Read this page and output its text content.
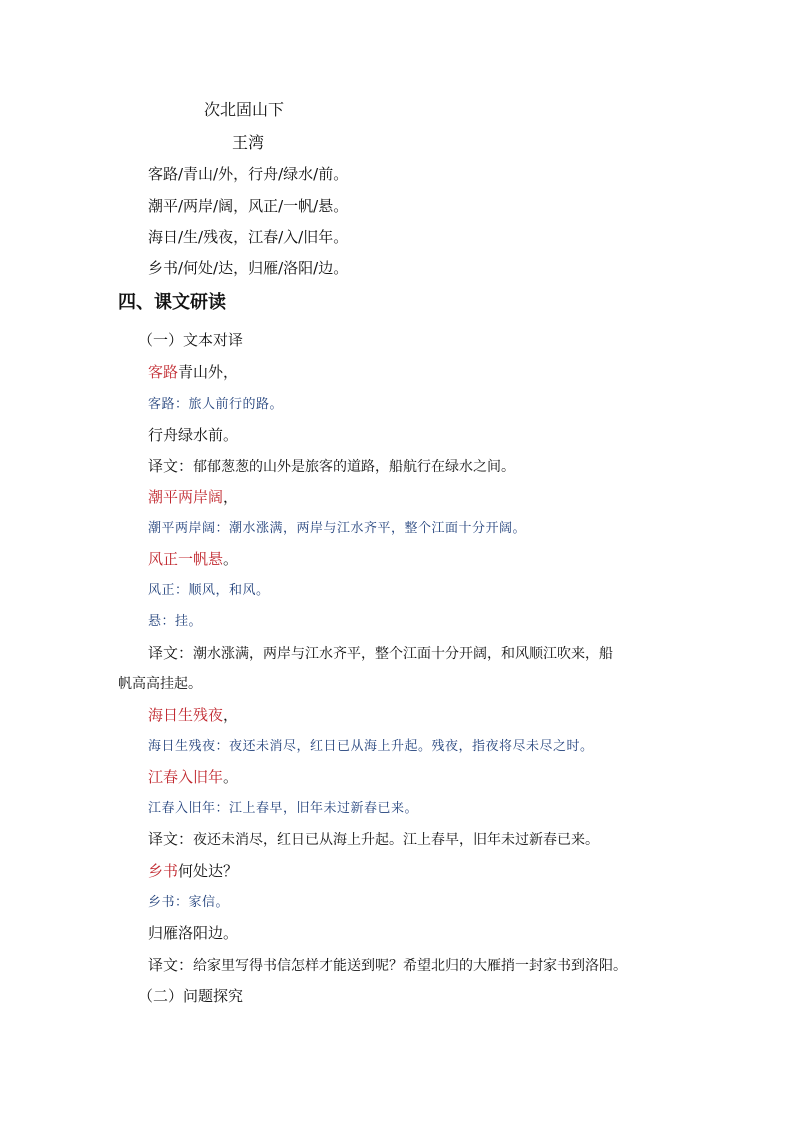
次北固山下
王湾
客路/青山/外，行舟/绿水/前。
潮平/两岸/阔，风正/一帆/悬。
海日/生/残夜，江春/入/旧年。
乡书/何处/达，归雁/洛阳/边。
四、课文研读
（一）文本对译
客路青山外，
客路：旅人前行的路。
行舟绿水前。
译文：郁郁葱葱的山外是旅客的道路，船航行在绿水之间。
潮平两岸阔，
潮平两岸阔：潮水涨满，两岸与江水齐平，整个江面十分开阔。
风正一帆悬。
风正：顺风，和风。
悬：挂。
译文：潮水涨满，两岸与江水齐平，整个江面十分开阔，和风顺江吹来，船
帆高高挂起。
海日生残夜，
海日生残夜：夜还未消尽，红日已从海上升起。残夜，指夜将尽未尽之时。
江春入旧年。
江春入旧年：江上春早，旧年未过新春已来。
译文：夜还未消尽，红日已从海上升起。江上春早，旧年未过新春已来。
乡书何处达？
乡书：家信。
归雁洛阳边。
译文：给家里写得书信怎样才能送到呢？希望北归的大雁捎一封家书到洛阳。
（二）问题探究
